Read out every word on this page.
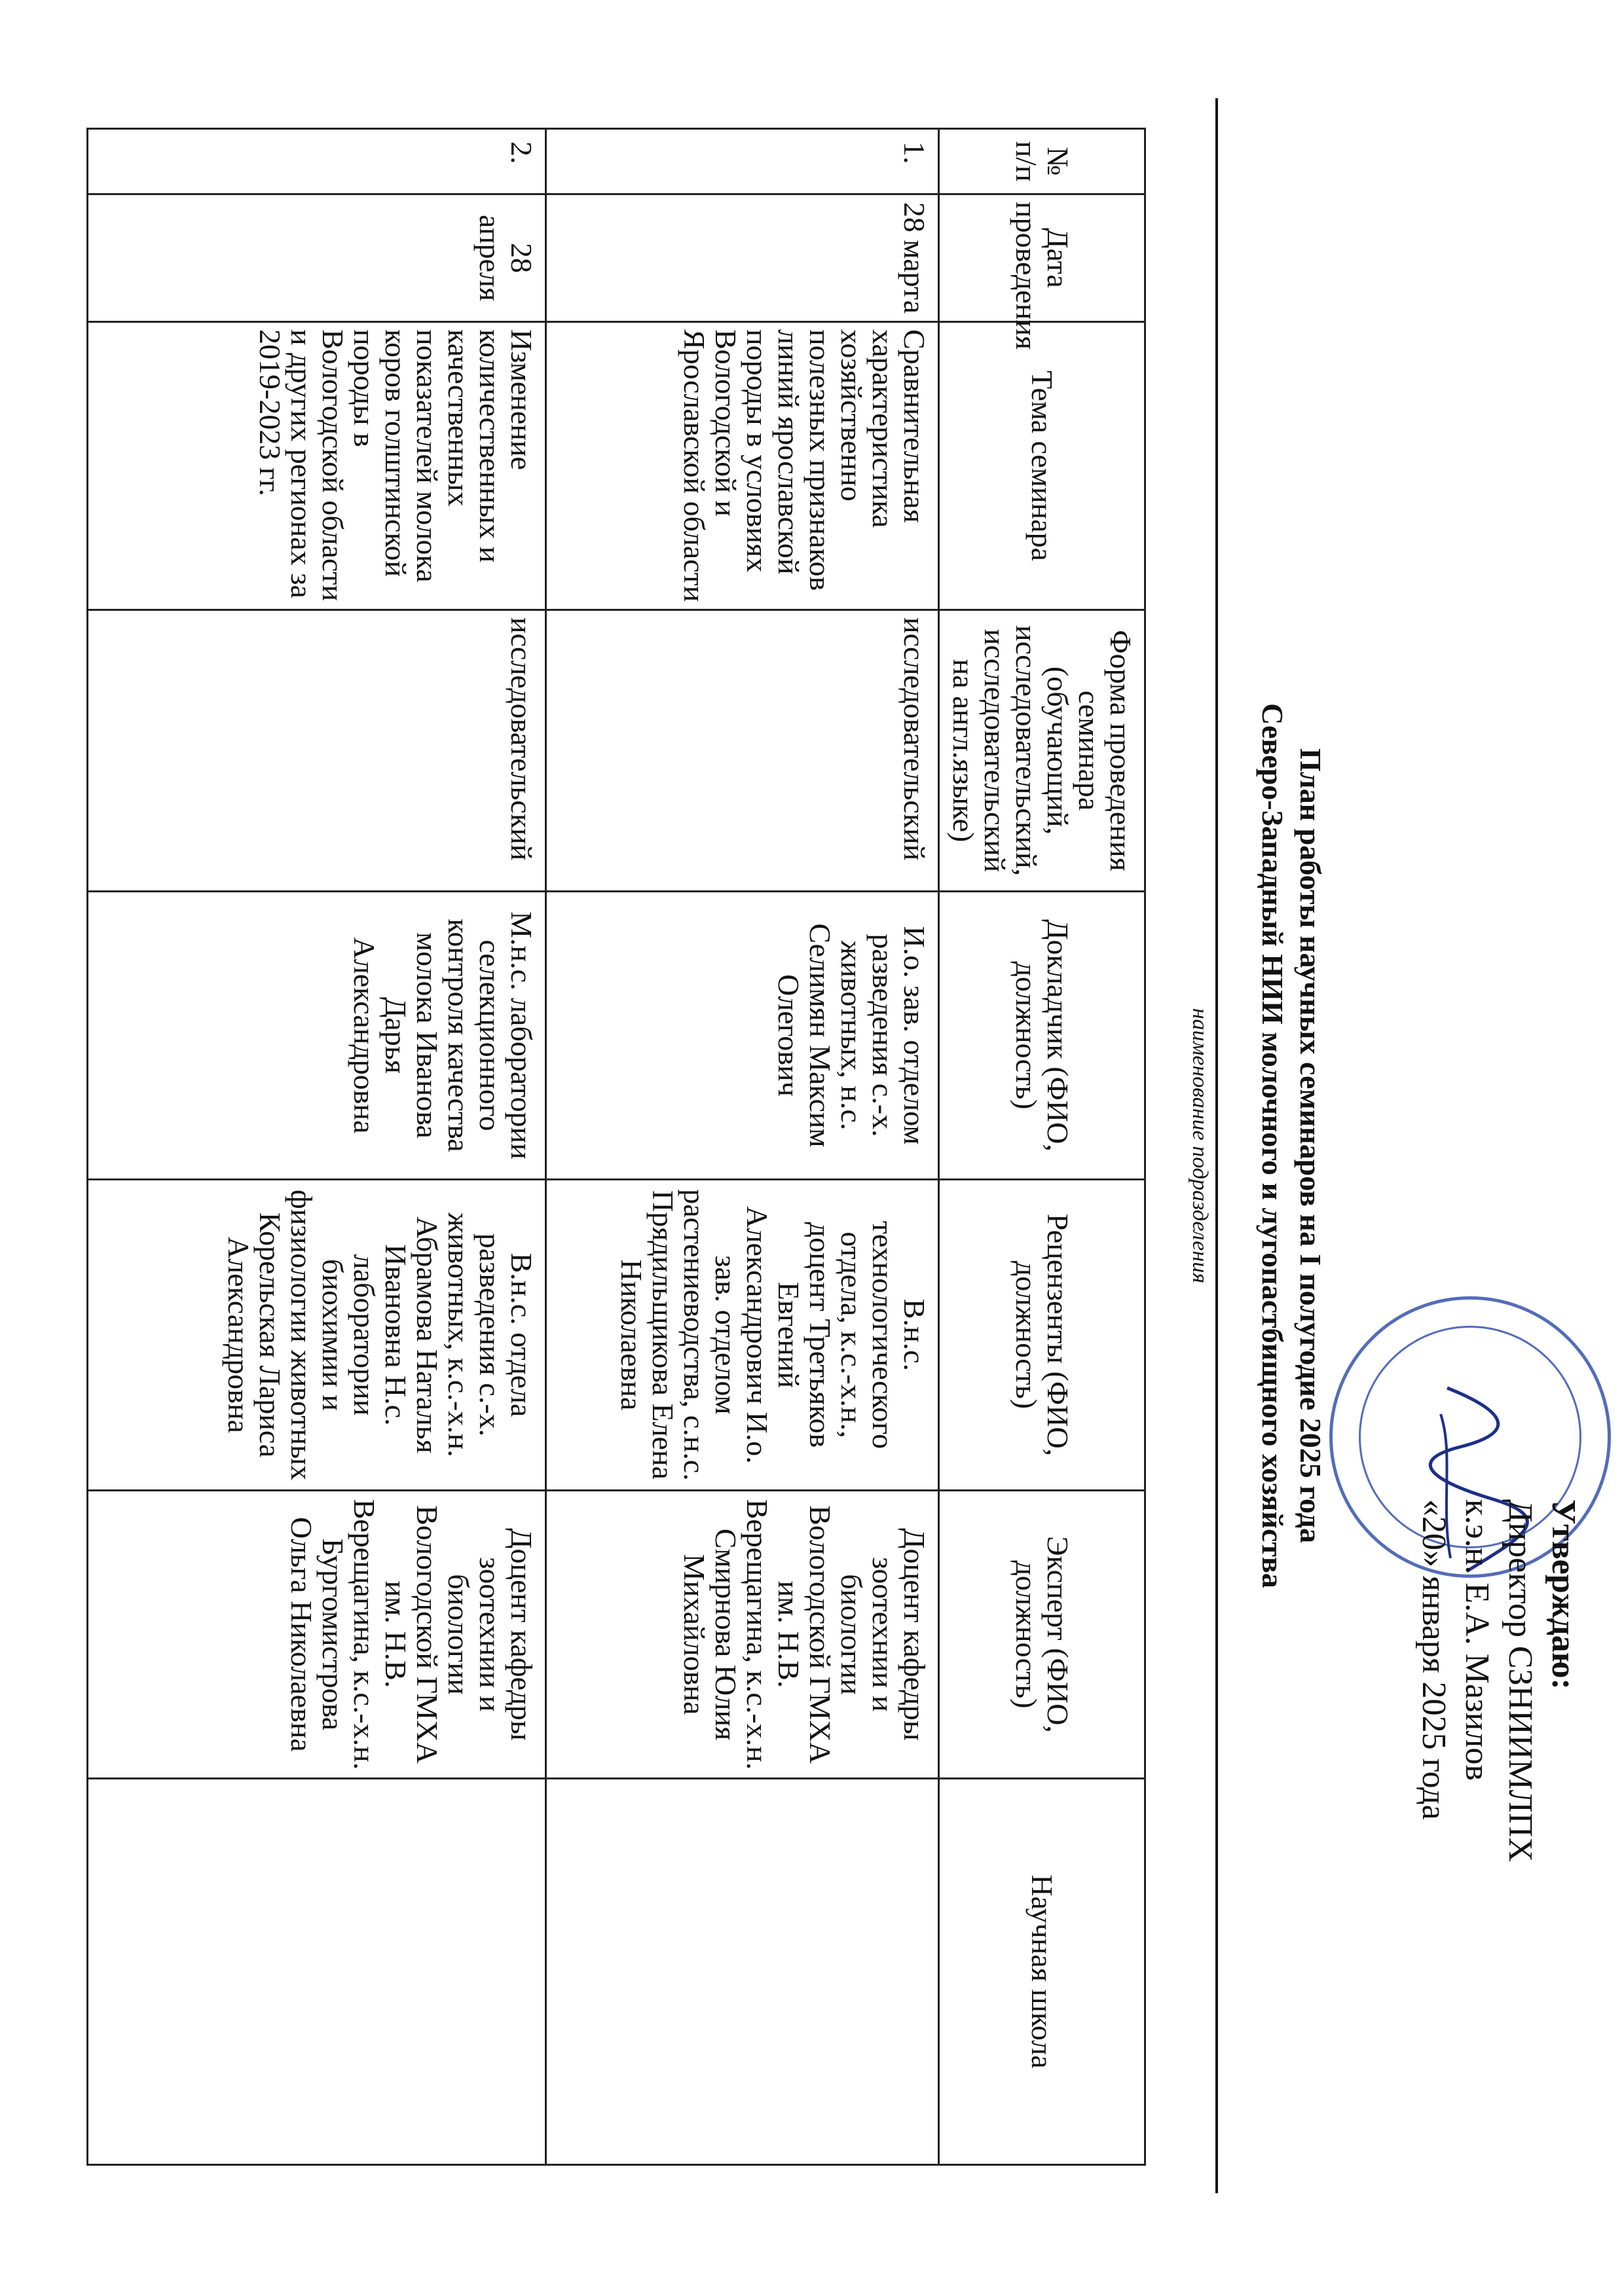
Утверждаю:
Директор СЗНИИМЛПХ
к.э.н. Е.А. Мазилов
«20» января 2025 года
План работы научных семинаров на I полугодие 2025 года
Северо-Западный НИИ молочного и лугопастбищного хозяйства
наименование подразделения
№ п/п	Дата проведения	Тема семинара	Форма проведения семинара (обучающий, исследовательский, исследовательский на англ.языке)	Докладчик (ФИО, должность)	Рецензенты (ФИО, должность)	Эксперт (ФИО, должность)	Научная школа
1.	28 марта	Сравнительная характеристика хозяйственно полезных признаков линий ярославской породы в условиях Вологодской и Ярославской области	исследовательский	И.о. зав. отделом разведения с.-х. животных, н.с. Селимян Максим Олегович	В.н.с. технологического отдела, к.с.-х.н., доцент Третьяков Евгений Александрович И.о. зав. отделом растениеводства, с.н.с. Прядильщикова Елена Николаевна	Доцент кафедры зоотехнии и биологии Вологодской ГМХА им. Н.В. Верещагина, к.с.-х.н. Смирнова Юлия Михайловна	
2.	28 апреля	Изменение количественных и качественных показателей молока коров голштинской породы в Вологодской области и других регионах за 2019-2023 гг.	исследовательский	М.н.с. лаборатории селекционного контроля качества молока Иванова Дарья Александровна	В.н.с. отдела разведения с.-х. животных, к.с.-х.н. Абрамова Наталья Ивановна Н.с. лаборатории биохимии и физиологии животных Корельская Лариса Александровна	Доцент кафедры зоотехнии и биологии Вологодской ГМХА им. Н.В. Верещагина, к.с.-х.н. Бургомистрова Ольга Николаевна	
